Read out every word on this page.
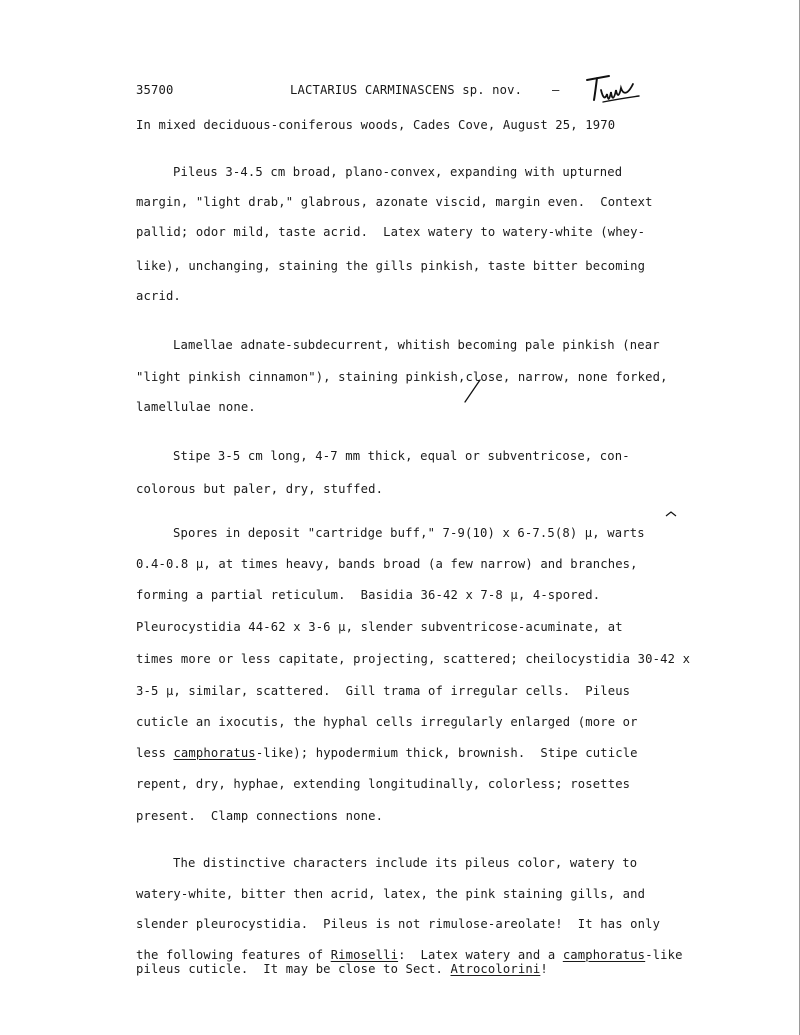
35700	LACTARIUS CARMINASCENS sp. nov. –
In mixed deciduous-coniferous woods, Cades Cove, August 25, 1970
Pileus 3-4.5 cm broad, plano-convex, expanding with upturned
margin, "light drab," glabrous, azonate viscid, margin even.  Context
pallid; odor mild, taste acrid.  Latex watery to watery-white (whey-
like), unchanging, staining the gills pinkish, taste bitter becoming
acrid.
Lamellae adnate-subdecurrent, whitish becoming pale pinkish (near
"light pinkish cinnamon"), staining pinkish,close, narrow, none forked,
lamellulae none.
Stipe 3-5 cm long, 4-7 mm thick, equal or subventricose, con-
colorous but paler, dry, stuffed.
Spores in deposit "cartridge buff," 7-9(10) x 6-7.5(8) μ, warts
0.4-0.8 μ, at times heavy, bands broad (a few narrow) and branches,
forming a partial reticulum.  Basidia 36-42 x 7-8 μ, 4-spored.
Pleurocystidia 44-62 x 3-6 μ, slender subventricose-acuminate, at
times more or less capitate, projecting, scattered; cheilocystidia 30-42 x
3-5 μ, similar, scattered.  Gill trama of irregular cells.  Pileus
cuticle an ixocutis, the hyphal cells irregularly enlarged (more or
less camphoratus-like); hypodermium thick, brownish.  Stipe cuticle
repent, dry, hyphae, extending longitudinally, colorless; rosettes
present.  Clamp connections none.
The distinctive characters include its pileus color, watery to
watery-white, bitter then acrid, latex, the pink staining gills, and
slender pleurocystidia.  Pileus is not rimulose-areolate!  It has only
the following features of Rimoselli:  Latex watery and a camphoratus-like
pileus cuticle.  It may be close to Sect. Atrocolorini!
